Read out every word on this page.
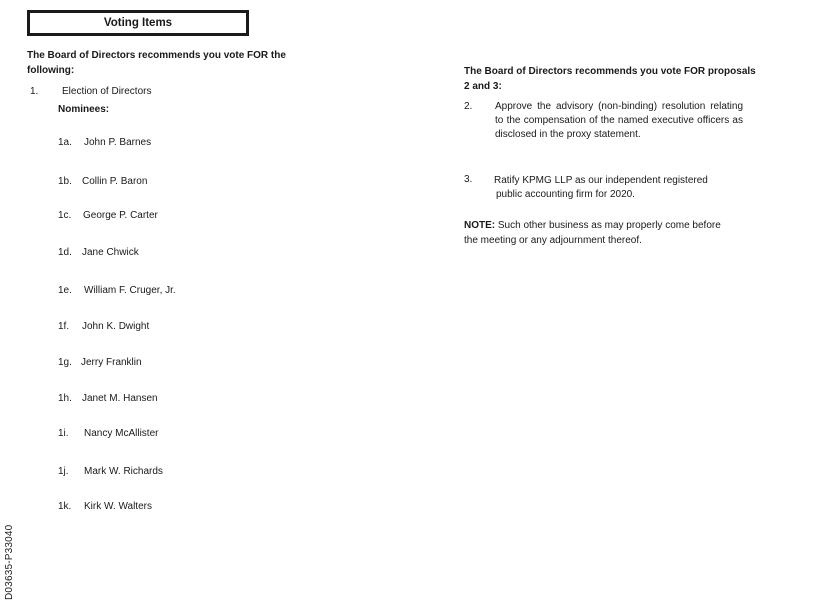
Voting Items
The Board of Directors recommends you vote FOR the following:
1. Election of Directors
Nominees:
1a. John P. Barnes
1b. Collin P. Baron
1c. George P. Carter
1d. Jane Chwick
1e. William F. Cruger, Jr.
1f. John K. Dwight
1g. Jerry Franklin
1h. Janet M. Hansen
1i. Nancy McAllister
1j. Mark W. Richards
1k. Kirk W. Walters
The Board of Directors recommends you vote FOR proposals 2 and 3:
2. Approve the advisory (non-binding) resolution relating to the compensation of the named executive officers as disclosed in the proxy statement.
3. Ratify KPMG LLP as our independent registered
public accounting firm for 2020.
NOTE: Such other business as may properly come before the meeting or any adjournment thereof.
D03635-P33040
